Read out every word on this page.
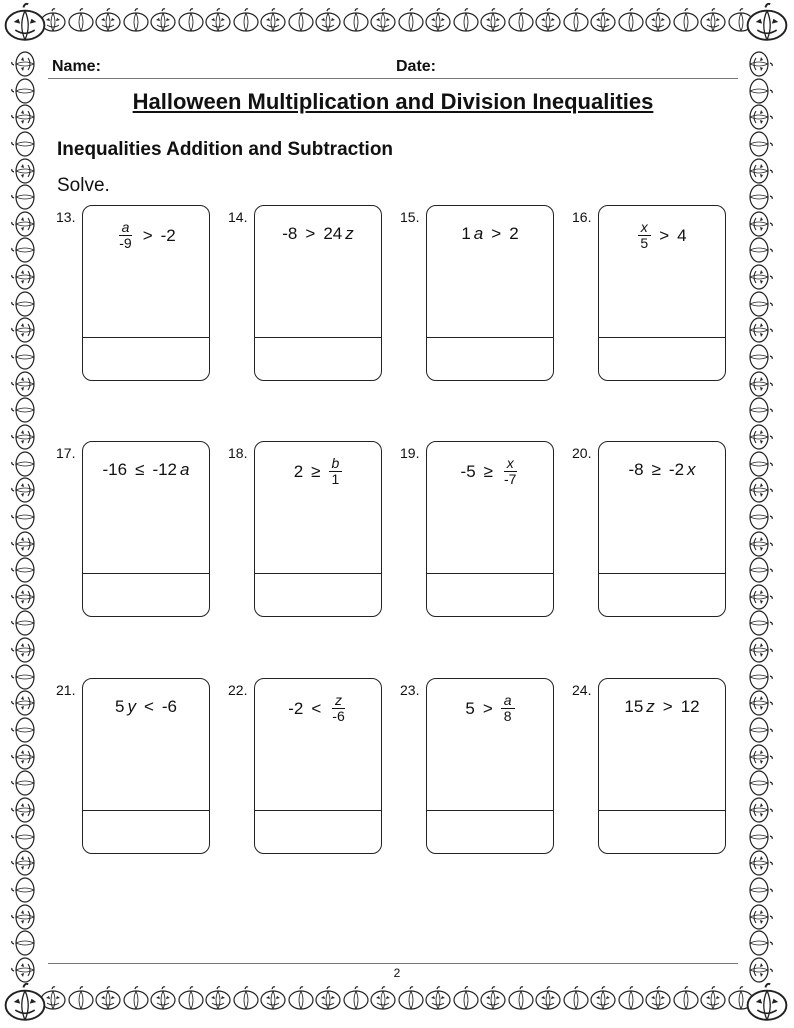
Name:	Date:
Halloween Multiplication and Division Inequalities
Inequalities Addition and Subtraction
Solve.
13.
$\frac{a}{-9} > -2$
14.
-8 > 24 z
15.
1 a > 2
16.
$\frac{x}{5} > 4$
17.
-16 ≤ -12 a
18.
$2 \ge \frac{b}{1}$
19.
$-5 \ge \frac{x}{-7}$
20.
-8 ≥ -2 x
21.
5 y < -6
22.
$-2 < \frac{z}{-6}$
23.
$5 > \frac{a}{8}$
24.
15 z > 12
2
